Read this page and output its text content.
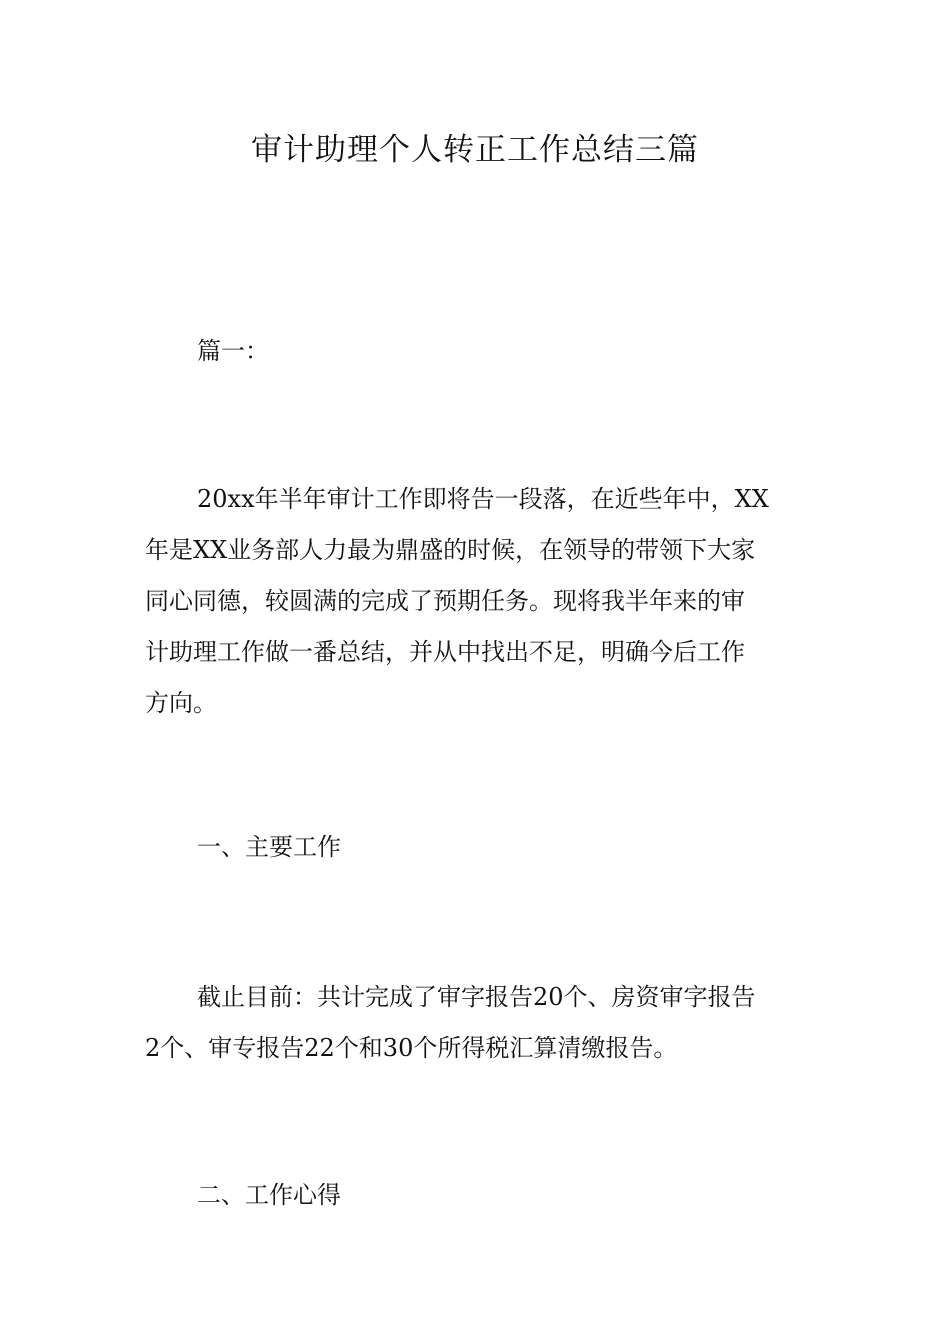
审计助理个人转正工作总结三篇
篇一：
20xx年半年审计工作即将告一段落，在近些年中，XX
年是XX业务部人力最为鼎盛的时候，在领导的带领下大家
同心同德，较圆满的完成了预期任务。现将我半年来的审
计助理工作做一番总结，并从中找出不足，明确今后工作
方向。
一、主要工作
截止目前：共计完成了审字报告20个、房资审字报告
2个、审专报告22个和30个所得税汇算清缴报告。
二、工作心得
